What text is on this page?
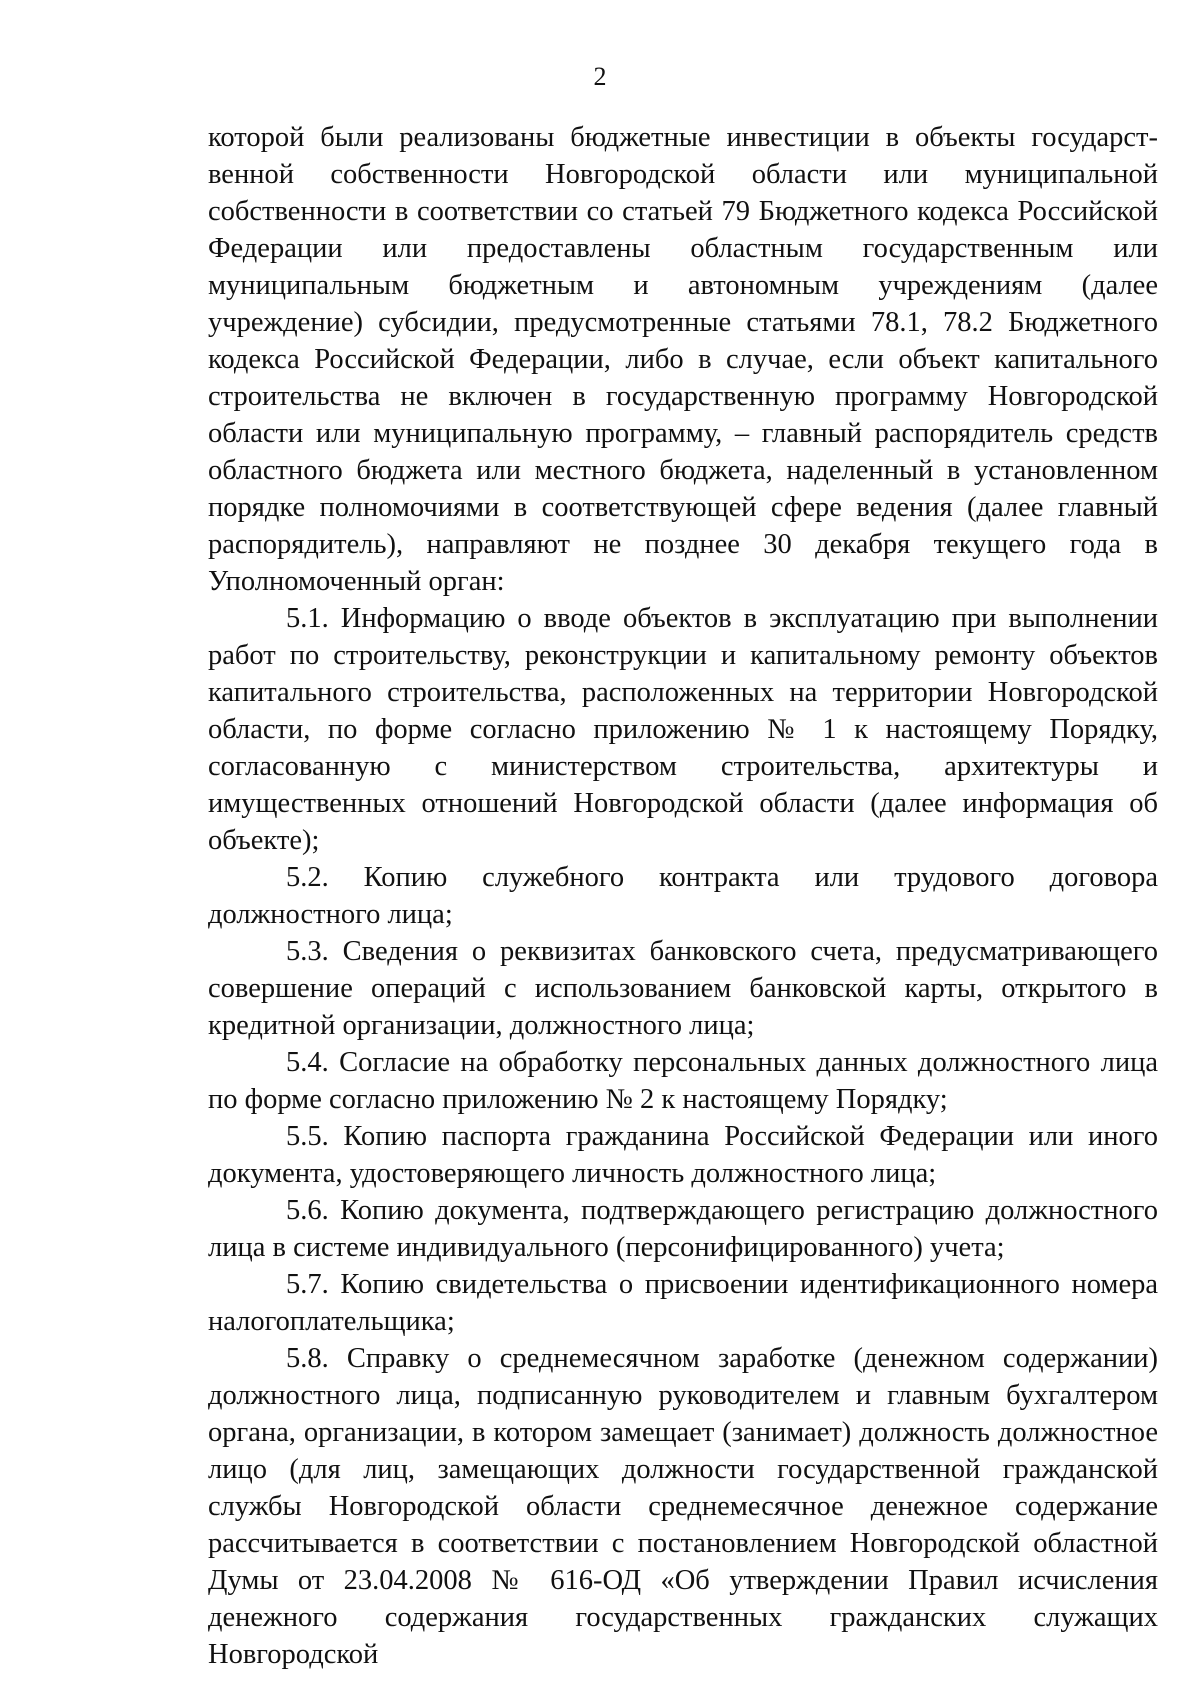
2

которой были реализованы бюджетные инвестиции в объекты государст-венной собственности Новгородской области или муниципальной собственности в соответствии со статьей 79 Бюджетного кодекса Российской Федерации или предоставлены областным государственным или муниципальным бюджетным и автономным учреждениям (далее учреждение) субсидии, предусмотренные статьями 78.1, 78.2 Бюджетного кодекса Российской Федерации, либо в случае, если объект капитального строительства не включен в государственную программу Новгородской области или муниципальную программу, – главный распорядитель средств областного бюджета или местного бюджета, наделенный в установленном порядке полномочиями в соответствующей сфере ведения (далее главный распорядитель), направляют не позднее 30 декабря текущего года в Уполномоченный орган:

5.1. Информацию о вводе объектов в эксплуатацию при выполнении работ по строительству, реконструкции и капитальному ремонту объектов капитального строительства, расположенных на территории Новгородской области, по форме согласно приложению № 1 к настоящему Порядку, согласованную с министерством строительства, архитектуры и имущественных отношений Новгородской области (далее информация об объекте);

5.2. Копию служебного контракта или трудового договора должностного лица;

5.3. Сведения о реквизитах банковского счета, предусматривающего совершение операций с использованием банковской карты, открытого в кредитной организации, должностного лица;

5.4. Согласие на обработку персональных данных должностного лица по форме согласно приложению № 2 к настоящему Порядку;

5.5. Копию паспорта гражданина Российской Федерации или иного документа, удостоверяющего личность должностного лица;

5.6. Копию документа, подтверждающего регистрацию должностного лица в системе индивидуального (персонифицированного) учета;

5.7. Копию свидетельства о присвоении идентификационного номера налогоплательщика;

5.8. Справку о среднемесячном заработке (денежном содержании) должностного лица, подписанную руководителем и главным бухгалтером органа, организации, в котором замещает (занимает) должность должностное лицо (для лиц, замещающих должности государственной гражданской службы Новгородской области среднемесячное денежное содержание рассчитывается в соответствии с постановлением Новгородской областной Думы от 23.04.2008 № 616-ОД «Об утверждении Правил исчисления денежного содержания государственных гражданских служащих Новгородской
